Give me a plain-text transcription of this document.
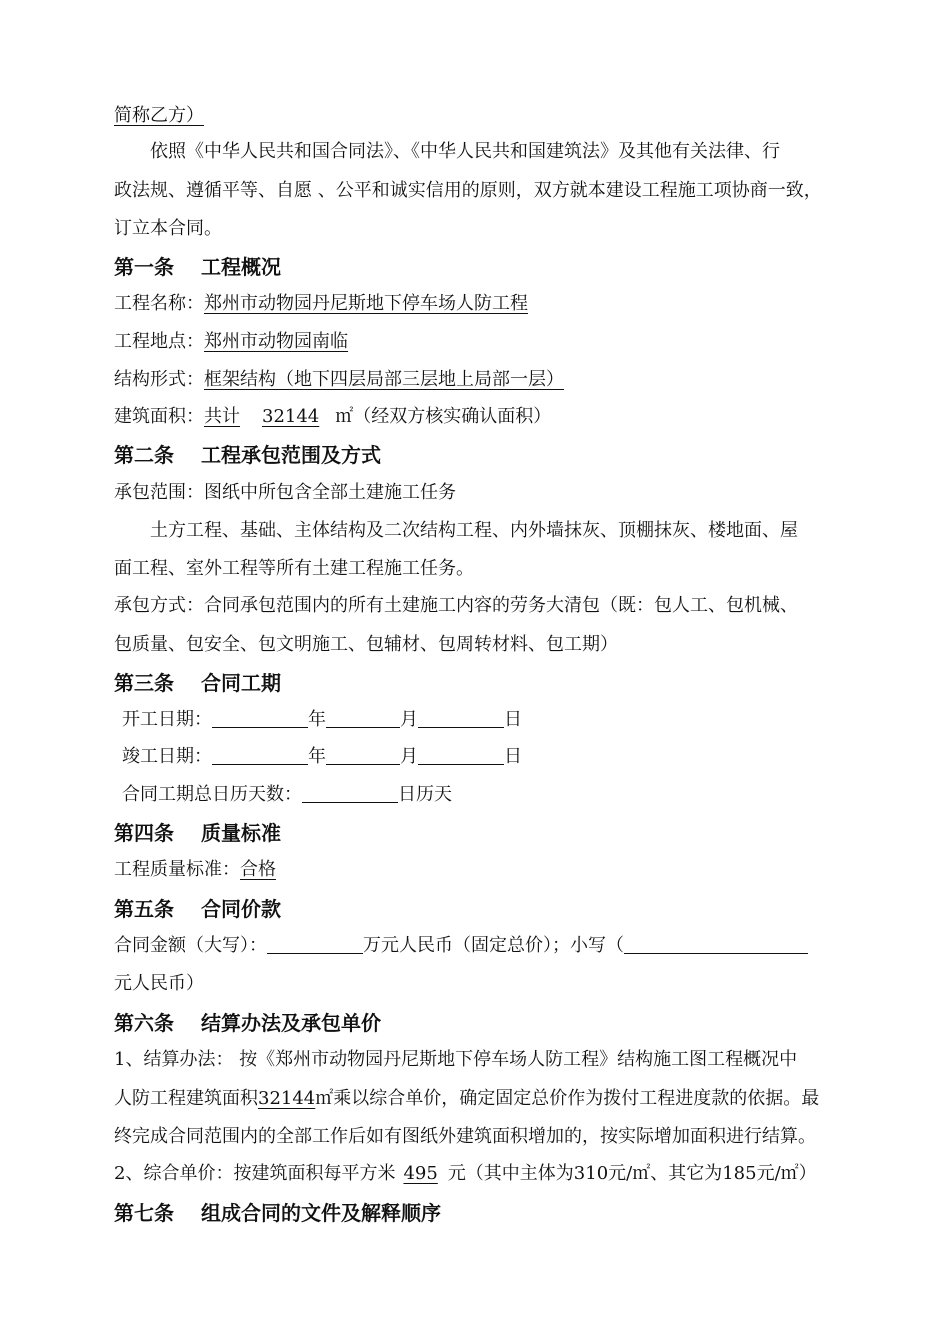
简称乙方）
依照《中华人民共和国合同法》、《中华人民共和国建筑法》及其他有关法律、行
政法规、遵循平等、自愿 、公平和诚实信用的原则，双方就本建设工程施工项协商一致，
订立本合同。
第一条　 工程概况
工程名称：郑州市动物园丹尼斯地下停车场人防工程
工程地点：郑州市动物园南临
结构形式：框架结构（地下四层局部三层地上局部一层）
建筑面积：共计 32144 ㎡（经双方核实确认面积）
第二条　 工程承包范围及方式
承包范围：图纸中所包含全部土建施工任务
土方工程、基础、主体结构及二次结构工程、内外墙抹灰、顶棚抹灰、楼地面、屋
面工程、室外工程等所有土建工程施工任务。
承包方式：合同承包范围内的所有土建施工内容的劳务大清包（既：包人工、包机械、
包质量、包安全、包文明施工、包辅材、包周转材料、包工期）
第三条　 合同工期
开工日期：	年	月	日
竣工日期：	年	月	日
合同工期总日历天数：	日历天
第四条　 质量标准
工程质量标准：合格
第五条　 合同价款
合同金额（大写）：	万元人民币（固定总价）；小写（
元人民币）
第六条　 结算办法及承包单价
1、结算办法： 按《郑州市动物园丹尼斯地下停车场人防工程》结构施工图工程概况中
人防工程建筑面积32144㎡乘以综合单价，确定固定总价作为拨付工程进度款的依据。最
终完成合同范围内的全部工作后如有图纸外建筑面积增加的，按实际增加面积进行结算。
2、综合单价：按建筑面积每平方米 495 元（其中主体为310元/㎡、其它为185元/㎡）
第七条　 组成合同的文件及解释顺序
